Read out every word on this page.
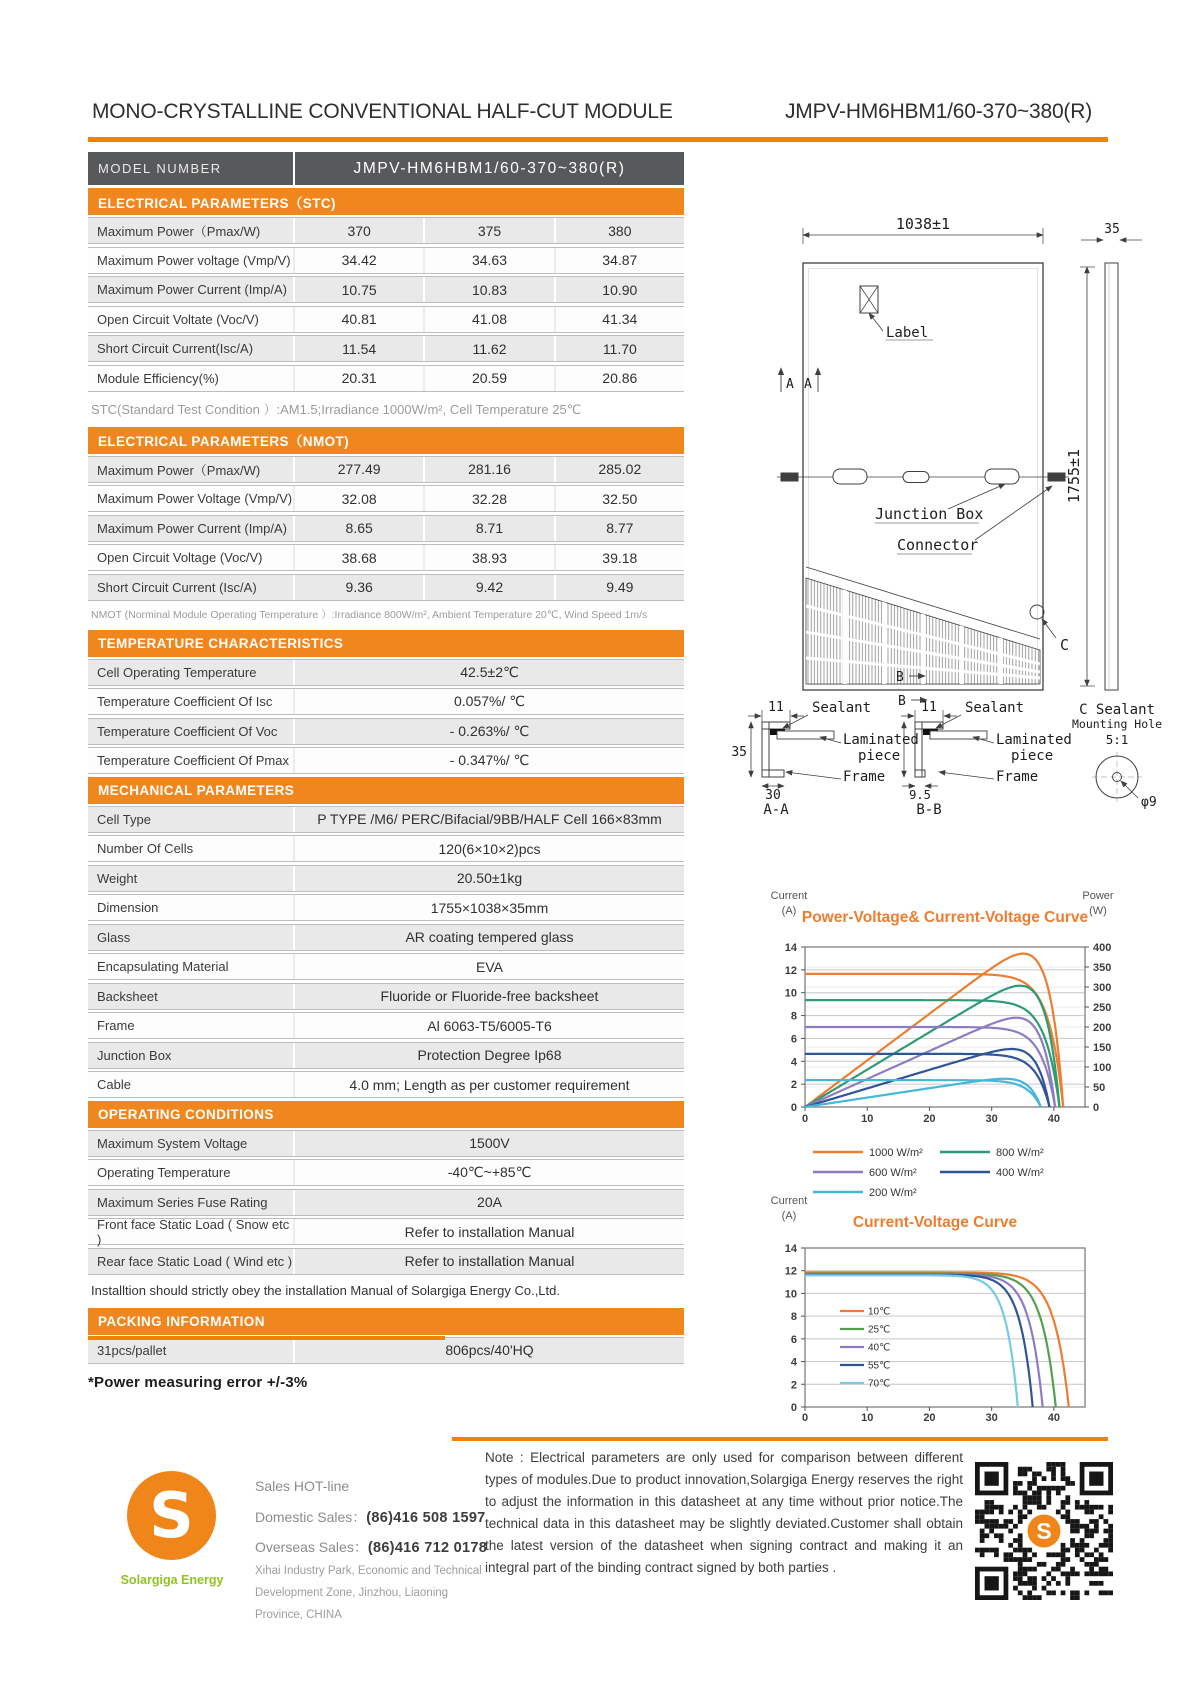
MONO-CRYSTALLINE CONVENTIONAL HALF-CUT MODULE	JMPV-HM6HBM1/60-370~380(R)
MODEL NUMBER	JMPV-HM6HBM1/60-370~380(R)
ELECTRICAL PARAMETERS（STC)
Maximum Power（Pmax/W)	370	375	380
Maximum Power voltage (Vmp/V)	34.42	34.63	34.87
Maximum Power Current (Imp/A)	10.75	10.83	10.90
Open Circuit Voltate (Voc/V)	40.81	41.08	41.34
Short Circuit Current(Isc/A)	11.54	11.62	11.70
Module Efficiency(%)	20.31	20.59	20.86
STC(Standard Test Condition ）:AM1.5;Irradiance 1000W/m², Cell Temperature 25℃
ELECTRICAL PARAMETERS（NMOT)
Maximum Power（Pmax/W)	277.49	281.16	285.02
Maximum Power Voltage (Vmp/V)	32.08	32.28	32.50
Maximum Power Current (Imp/A)	8.65	8.71	8.77
Open Circuit Voltage (Voc/V)	38.68	38.93	39.18
Short Circuit Current (Isc/A)	9.36	9.42	9.49
NMOT (Norminal Module Operating Temperature ）:Irradiance 800W/m², Ambient Temperature 20℃, Wind Speed 1m/s
TEMPERATURE CHARACTERISTICS
Cell Operating Temperature	42.5±2℃
Temperature Coefficient Of Isc	0.057%/ ℃
Temperature Coefficient Of Voc	- 0.263%/ ℃
Temperature Coefficient Of Pmax	- 0.347%/ ℃
MECHANICAL PARAMETERS
Cell Type	P TYPE /M6/ PERC/Bifacial/9BB/HALF Cell 166×83mm
Number Of Cells	120(6×10×2)pcs
Weight	20.50±1kg
Dimension	1755×1038×35mm
Glass	AR coating tempered glass
Encapsulating Material	EVA
Backsheet	Fluoride or Fluoride-free backsheet
Frame	Al 6063-T5/6005-T6
Junction Box	Protection Degree Ip68
Cable	4.0 mm; Length as per customer requirement
OPERATING CONDITIONS
Maximum System Voltage	1500V
Operating Temperature	-40℃~+85℃
Maximum Series Fuse Rating	20A
Front face Static Load ( Snow etc )	Refer to installation Manual
Rear face Static Load ( Wind etc )	Refer to installation Manual
Installtion should strictly obey the installation Manual of Solargiga Energy Co.,Ltd.
PACKING INFORMATION
31pcs/pallet	806pcs/40'HQ
*Power measuring error +/-3%
1038±1	35
1755±1
Label
A A
Junction Box
Connector
B
B
C
11 Sealant
35
Laminated
piece
Frame
30
A-A
11 Sealant
Laminated
piece
Frame
9.5
B-B
C Sealant
Mounting Hole
5:1
φ9
Power-Voltage& Current-Voltage Curve
Current
(A)
Power
(W)
0
2
4
6
8
10
12
14
0
50
100
150
200
250
300
350
400
0	10	20	30	40
1000 W/m²
600 W/m²
200 W/m²
800 W/m²
400 W/m²
Current-Voltage Curve
Current
(A)
0
2
4
6
8
10
12
14
0	10	20	30	40
10℃
25℃
40℃
55℃
70℃
S
Solargiga Energy
Sales HOT-line
Domestic Sales：(86)416 508 1597
Overseas Sales：(86)416 712 0178
Xihai Industry Park, Economic and Technical
Development Zone, Jinzhou, Liaoning
Province, CHINA
Note : Electrical parameters are only used for comparison between different types of modules.Due to product innovation,Solargiga Energy reserves the right to adjust the information in this datasheet at any time without prior notice.The technical data in this datasheet may be slightly deviated.Customer shall obtain the latest version of the datasheet when signing contract and making it an integral part of the binding contract signed by both parties .
S
